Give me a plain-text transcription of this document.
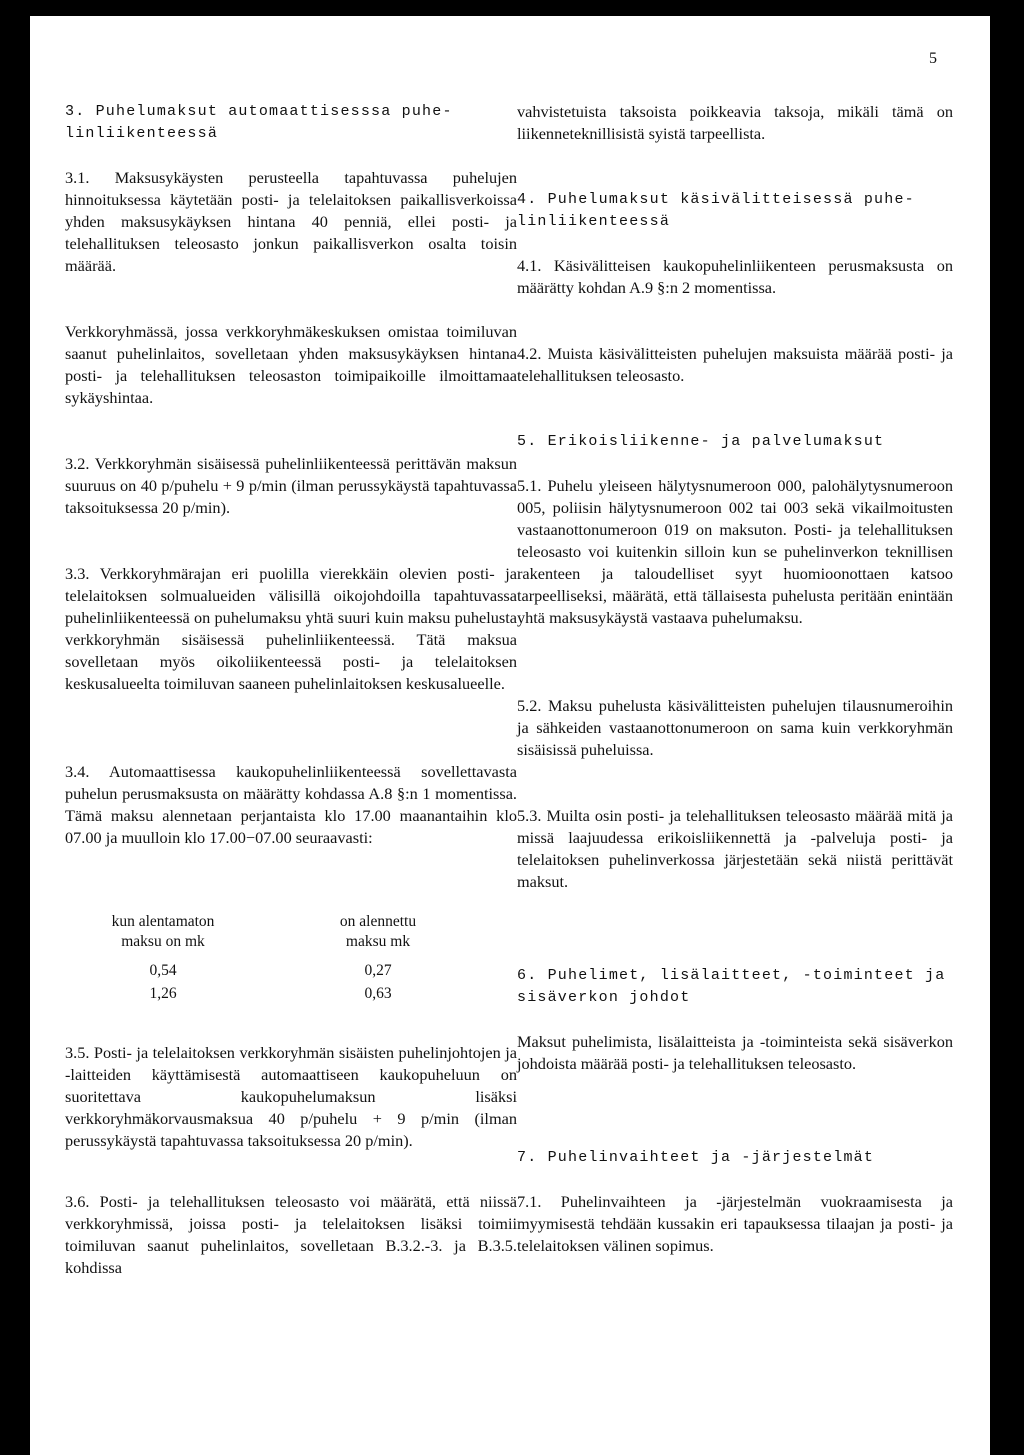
5
3. Puhelumaksut automaattisesssa puhe-
linliikenteessä

3.1. Maksusykäysten perusteella tapahtuvassa puhelujen hinnoituksessa käytetään posti- ja telelaitoksen paikallisverkoissa yhden maksusykäyksen hintana 40 penniä, ellei posti- ja telehallituksen teleosasto jonkun paikallisverkon osalta toisin määrää.

Verkkoryhmässä, jossa verkkoryhmäkeskuksen omistaa toimiluvan saanut puhelinlaitos, sovelletaan yhden maksusykäyksen hintana posti- ja telehallituksen teleosaston toimipaikoille ilmoittamaa sykäyshintaa.

3.2. Verkkoryhmän sisäisessä puhelinliikenteessä perittävän maksun suuruus on 40 p/puhelu + 9 p/min (ilman perussykäystä tapahtuvassa taksoituksessa 20 p/min).

3.3. Verkkoryhmärajan eri puolilla vierekkäin olevien posti- ja telelaitoksen solmualueiden välisillä oikojohdoilla tapahtuvassa puhelinliikenteessä on puhelumaksu yhtä suuri kuin maksu puhelusta verkkoryhmän sisäisessä puhelinliikenteessä. Tätä maksua sovelletaan myös oikoliikenteessä posti- ja telelaitoksen keskusalueelta toimiluvan saaneen puhelinlaitoksen keskusalueelle.

3.4. Automaattisessa kaukopuhelinliikenteessä sovellettavasta puhelun perusmaksusta on määrätty kohdassa A.8 §:n 1 momentissa. Tämä maksu alennetaan perjantaista klo 17.00 maanantaihin klo 07.00 ja muulloin klo 17.00−07.00 seuraavasti:

kun alentamaton
maksu on mk
on alennettu
maksu mk
0,54	0,27
1,26	0,63

3.5. Posti- ja telelaitoksen verkkoryhmän sisäisten puhelinjohtojen ja -laitteiden käyttämisestä automaattiseen kaukopuheluun on suoritettava kaukopuhelumaksun lisäksi verkkoryhmäkorvausmaksua 40 p/puhelu + 9 p/min (ilman perussykäystä tapahtuvassa taksoituksessa 20 p/min).

3.6. Posti- ja telehallituksen teleosasto voi määrätä, että niissä verkkoryhmissä, joissa posti- ja telelaitoksen lisäksi toimii toimiluvan saanut puhelinlaitos, sovelletaan B.3.2.-3. ja B.3.5. kohdissa

vahvistetuista taksoista poikkeavia taksoja, mikäli tämä on liikenneteknillisistä syistä tarpeellista.

4. Puhelumaksut käsivälitteisessä puhe-
linliikenteessä

4.1. Käsivälitteisen kaukopuhelinliikenteen perusmaksusta on määrätty kohdan A.9 §:n 2 momentissa.

4.2. Muista käsivälitteisten puhelujen maksuista määrää posti- ja telehallituksen teleosasto.

5. Erikoisliikenne- ja palvelumaksut

5.1. Puhelu yleiseen hälytysnumeroon 000, palohälytysnumeroon 005, poliisin hälytysnumeroon 002 tai 003 sekä vikailmoitusten vastaanottonumeroon 019 on maksuton. Posti- ja telehallituksen teleosasto voi kuitenkin silloin kun se puhelinverkon teknillisen rakenteen ja taloudelliset syyt huomioonottaen katsoo tarpeelliseksi, määrätä, että tällaisesta puhelusta peritään enintään yhtä maksusykäystä vastaava puhelumaksu.

5.2. Maksu puhelusta käsivälitteisten puhelujen tilausnumeroihin ja sähkeiden vastaanottonumeroon on sama kuin verkkoryhmän sisäisissä puheluissa.

5.3. Muilta osin posti- ja telehallituksen teleosasto määrää mitä ja missä laajuudessa erikoisliikennettä ja -palveluja posti- ja telelaitoksen puhelinverkossa järjestetään sekä niistä perittävät maksut.

6. Puhelimet, lisälaitteet, -toiminteet ja
sisäverkon johdot

Maksut puhelimista, lisälaitteista ja -toiminteista sekä sisäverkon johdoista määrää posti- ja telehallituksen teleosasto.

7. Puhelinvaihteet ja -järjestelmät

7.1. Puhelinvaihteen ja -järjestelmän vuokraamisesta ja myymisestä tehdään kussakin eri tapauksessa tilaajan ja posti- ja telelaitoksen välinen sopimus.
